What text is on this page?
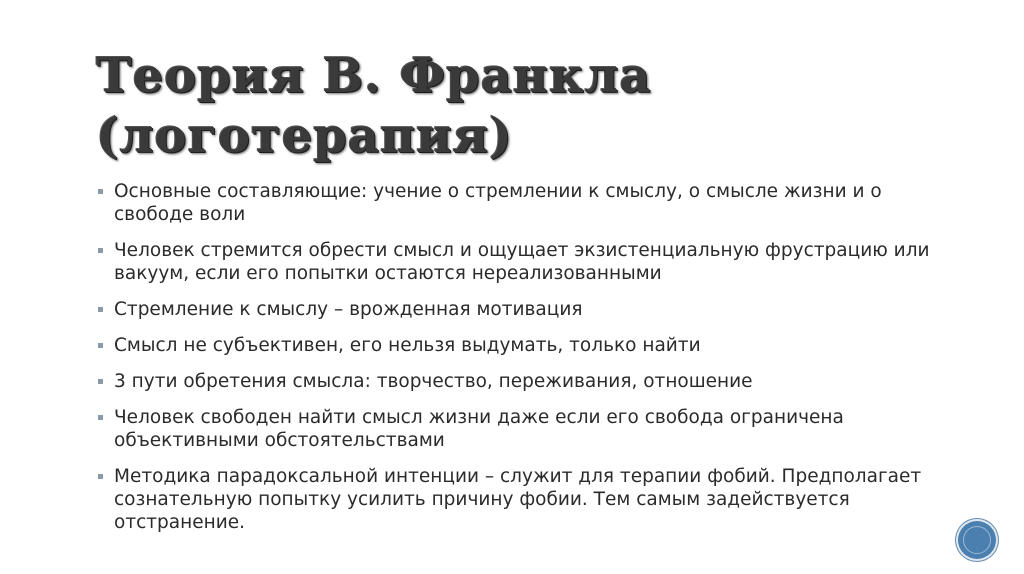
Теория В. Франкла
(логотерапия)
Основные составляющие: учение о стремлении к смыслу, о смысле жизни и о свободе воли
Человек стремится обрести смысл и ощущает экзистенциальную фрустрацию или вакуум, если его попытки остаются нереализованными
Стремление к смыслу – врожденная мотивация
Смысл не субъективен, его нельзя выдумать, только найти
3 пути обретения смысла: творчество, переживания, отношение
Человек свободен найти смысл жизни даже если его свобода ограничена объективными обстоятельствами
Методика парадоксальной интенции – служит для терапии фобий. Предполагает сознательную попытку усилить причину фобии. Тем самым задействуется отстранение.
